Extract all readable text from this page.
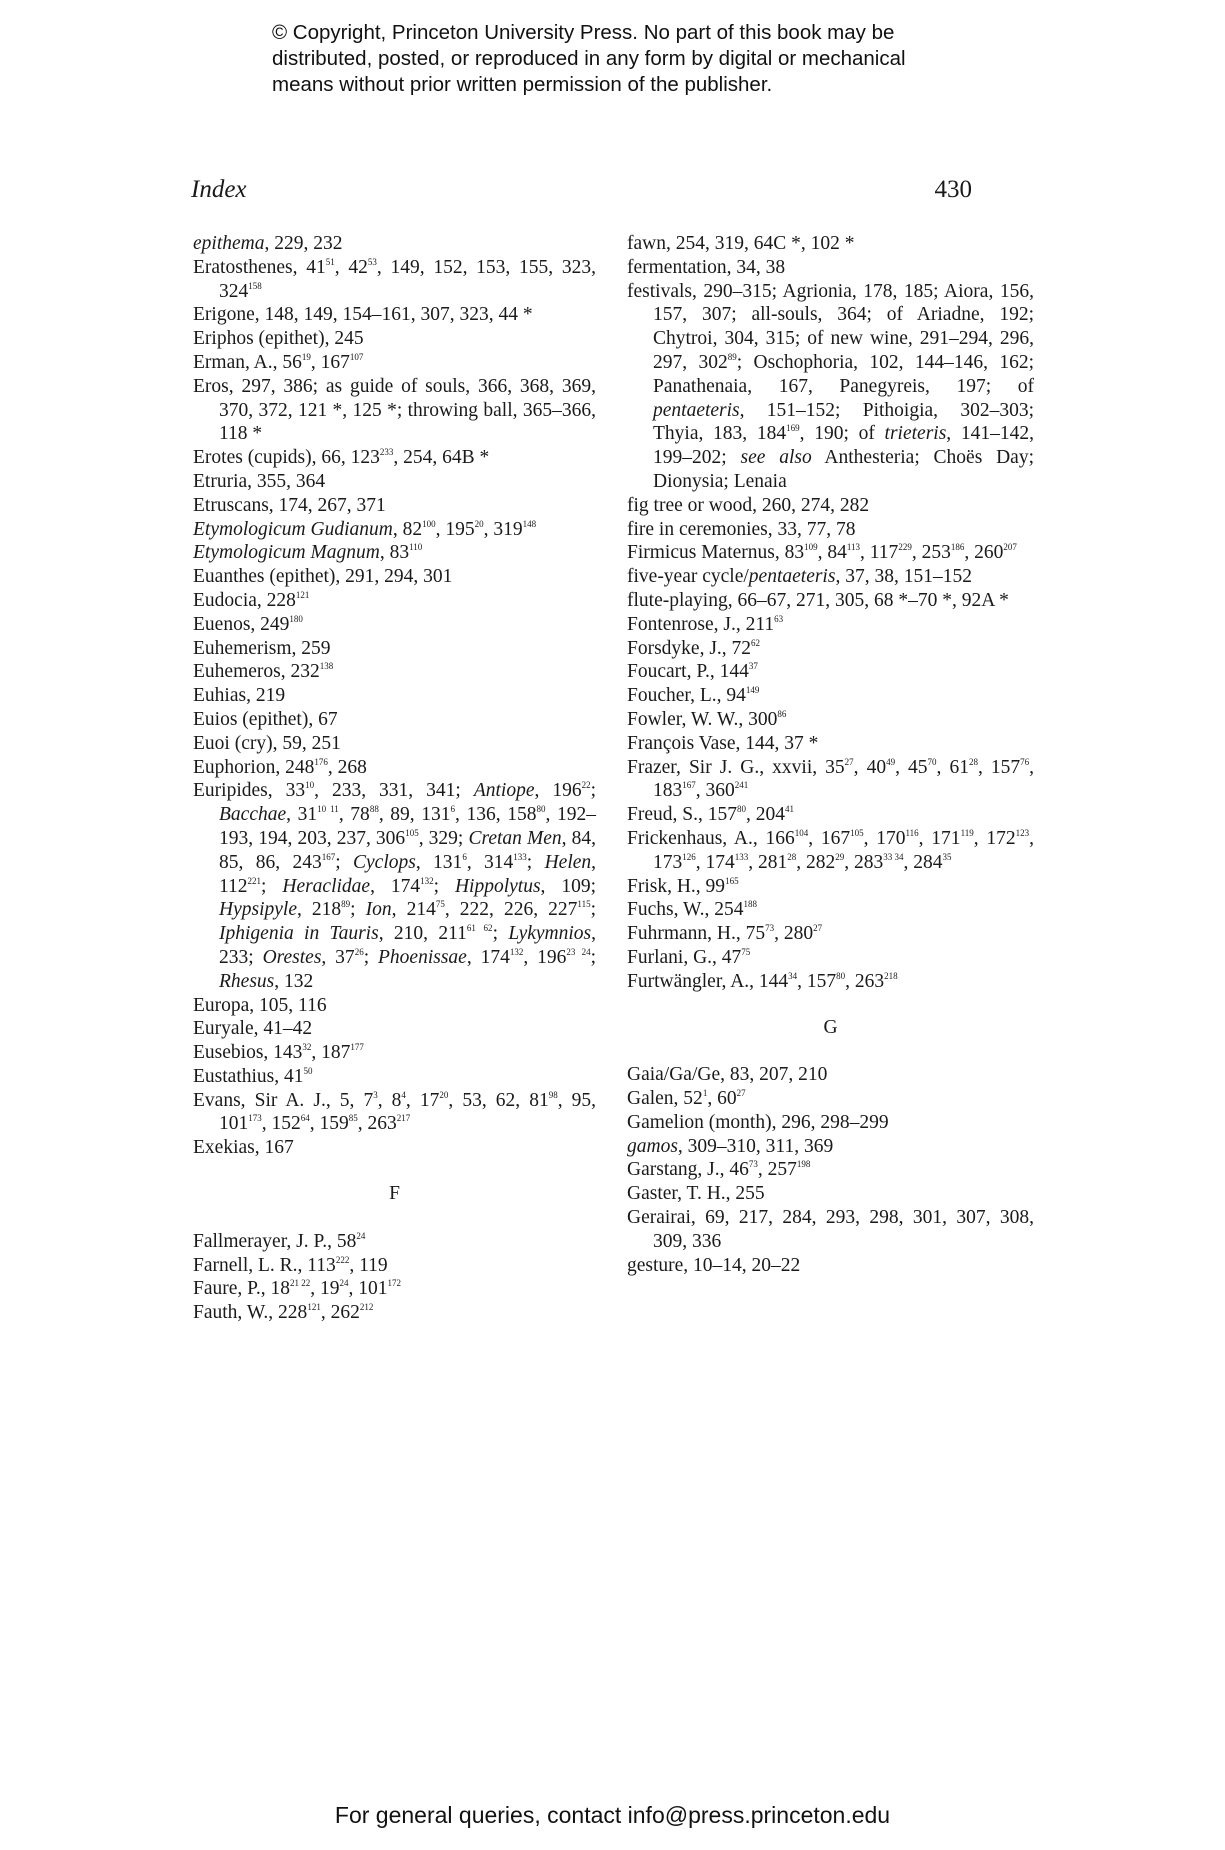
© Copyright, Princeton University Press. No part of this book may be
distributed, posted, or reproduced in any form by digital or mechanical
means without prior written permission of the publisher.
Index	430
epithema, 229, 232
Eratosthenes, $41^{51}$, $42^{53}$, 149, 152, 153, 155, 323, $324^{158}$
Erigone, 148, 149, 154–161, 307, 323, 44 *
Eriphos (epithet), 245
Erman, A., $56^{19}$, $167^{107}$
Eros, 297, 386; as guide of souls, 366, 368, 369, 370, 372, 121 *, 125 *; throwing ball, 365–366, 118 *
Erotes (cupids), 66, $123^{233}$, 254, 64B *
Etruria, 355, 364
Etruscans, 174, 267, 371
Etymologicum Gudianum, $82^{100}$, $195^{20}$, $319^{148}$
Etymologicum Magnum, $83^{110}$
Euanthes (epithet), 291, 294, 301
Eudocia, $228^{121}$
Euenos, $249^{180}$
Euhemerism, 259
Euhemeros, $232^{138}$
Euhias, 219
Euios (epithet), 67
Euoi (cry), 59, 251
Euphorion, $248^{176}$, 268
Euripides, $33^{10}$, 233, 331, 341; Antiope, $196^{22}$; Bacchae, $31^{10 11}$, $78^{88}$, 89, $131^6$, 136, $158^{80}$, 192–193, 194, 203, 237, $306^{105}$, 329; Cretan Men, 84, 85, 86, $243^{167}$; Cyclops, $131^6$, $314^{133}$; Helen, $112^{221}$; Heraclidae, $174^{132}$; Hippolytus, 109; Hypsipyle, $218^{89}$; Ion, $214^{75}$, 222, 226, $227^{115}$; Iphigenia in Tauris, 210, $211^{61 62}$; Lykymnios, 233; Orestes, $37^{26}$; Phoenissae, $174^{132}$, $196^{23 24}$; Rhesus, 132
Europa, 105, 116
Euryale, 41–42
Eusebios, $143^{32}$, $187^{177}$
Eustathius, $41^{50}$
Evans, Sir A. J., 5, $7^3$, $8^4$, $17^{20}$, 53, 62, $81^{98}$, 95, $101^{173}$, $152^{64}$, $159^{85}$, $263^{217}$
Exekias, 167
F
Fallmerayer, J. P., $58^{24}$
Farnell, L. R., $113^{222}$, 119
Faure, P., $18^{21 22}$, $19^{24}$, $101^{172}$
Fauth, W., $228^{121}$, $262^{212}$
fawn, 254, 319, 64C *, 102 *
fermentation, 34, 38
festivals, 290–315; Agrionia, 178, 185; Aiora, 156, 157, 307; all-souls, 364; of Ariadne, 192; Chytroi, 304, 315; of new wine, 291–294, 296, 297, $302^{89}$; Oschophoria, 102, 144–146, 162; Panathenaia, 167, Panegyreis, 197; of pentaeteris, 151–152; Pithoigia, 302–303; Thyia, 183, $184^{169}$, 190; of trieteris, 141–142, 199–202; see also Anthesteria; Choës Day; Dionysia; Lenaia
fig tree or wood, 260, 274, 282
fire in ceremonies, 33, 77, 78
Firmicus Maternus, $83^{109}$, $84^{113}$, $117^{229}$, $253^{186}$, $260^{207}$
five-year cycle/pentaeteris, 37, 38, 151–152
flute-playing, 66–67, 271, 305, 68 *–70 *, 92A *
Fontenrose, J., $211^{63}$
Forsdyke, J., $72^{62}$
Foucart, P., $144^{37}$
Foucher, L., $94^{149}$
Fowler, W. W., $300^{86}$
François Vase, 144, 37 *
Frazer, Sir J. G., xxvii, $35^{27}$, $40^{49}$, $45^{70}$, $61^{28}$, $157^{76}$, $183^{167}$, $360^{241}$
Freud, S., $157^{80}$, $204^{41}$
Frickenhaus, A., $166^{104}$, $167^{105}$, $170^{116}$, $171^{119}$, $172^{123}$, $173^{126}$, $174^{133}$, $281^{28}$, $282^{29}$, $283^{33 34}$, $284^{35}$
Frisk, H., $99^{165}$
Fuchs, W., $254^{188}$
Fuhrmann, H., $75^{73}$, $280^{27}$
Furlani, G., $47^{75}$
Furtwängler, A., $144^{34}$, $157^{80}$, $263^{218}$
G
Gaia/Ga/Ge, 83, 207, 210
Galen, $52^1$, $60^{27}$
Gamelion (month), 296, 298–299
gamos, 309–310, 311, 369
Garstang, J., $46^{73}$, $257^{198}$
Gaster, T. H., 255
Gerairai, 69, 217, 284, 293, 298, 301, 307, 308, 309, 336
gesture, 10–14, 20–22
For general queries, contact info@press.princeton.edu
